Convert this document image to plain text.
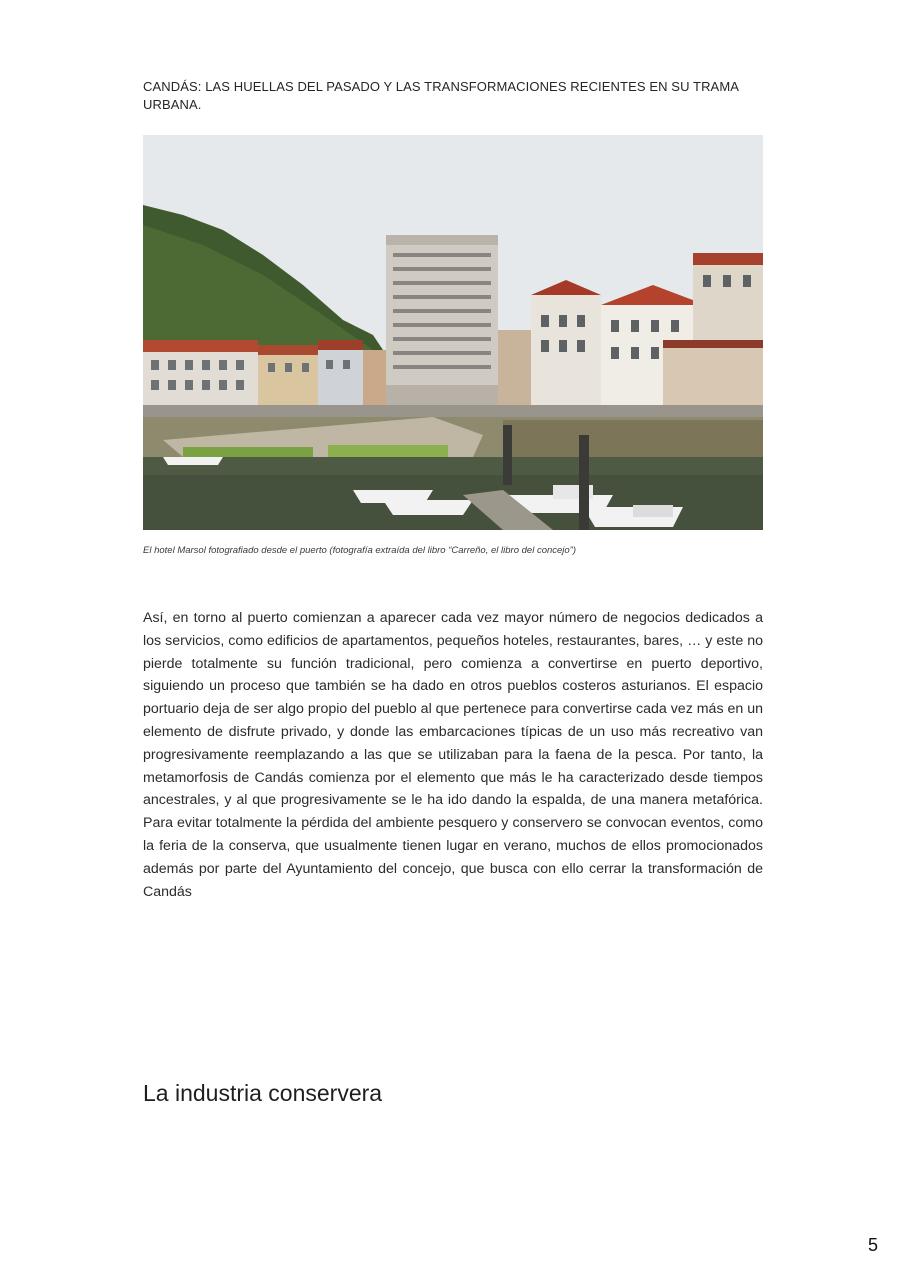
CANDÁS: LAS HUELLAS DEL PASADO Y LAS TRANSFORMACIONES RECIENTES EN SU TRAMA URBANA.
El hotel Marsol fotografiado desde el puerto (fotografía extraída del libro “Carreño, el libro del concejo”)
Así, en torno al puerto comienzan a aparecer cada vez mayor número de negocios dedicados a los servicios, como edificios de apartamentos, pequeños hoteles, restaurantes, bares, … y este no pierde totalmente su función tradicional, pero comienza a convertirse en puerto deportivo, siguiendo un proceso que también se ha dado en otros pueblos costeros asturianos. El espacio portuario deja de ser algo propio del pueblo al que pertenece para convertirse cada vez más en un elemento de disfrute privado, y donde las embarcaciones típicas de un uso más recreativo van progresivamente reemplazando a las que se utilizaban para la faena de la pesca. Por tanto, la metamorfosis de Candás comienza por el elemento que más le ha caracterizado desde tiempos ancestrales, y al que progresivamente se le ha ido dando la espalda, de una manera metafórica. Para evitar totalmente la pérdida del ambiente pesquero y conservero se convocan eventos, como la feria de la conserva, que usualmente tienen lugar en verano, muchos de ellos promocionados además por parte del Ayuntamiento del concejo, que busca con ello cerrar la transformación de Candás
La industria conservera
5
